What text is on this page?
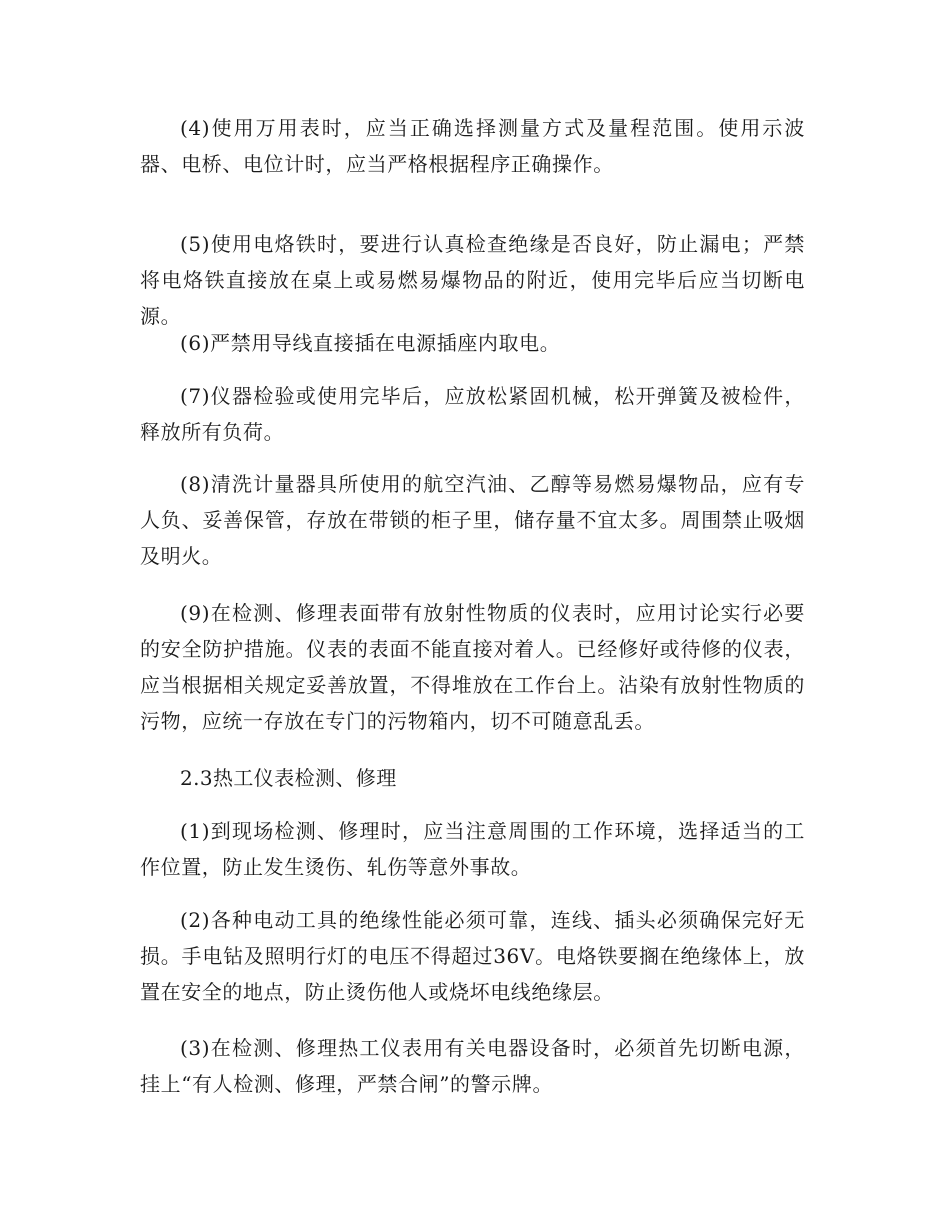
(4)使用万用表时，应当正确选择测量方式及量程范围。使用示波器、电桥、电位计时，应当严格根据程序正确操作。

(5)使用电烙铁时，要进行认真检查绝缘是否良好，防止漏电；严禁将电烙铁直接放在桌上或易燃易爆物品的附近，使用完毕后应当切断电源。

(6)严禁用导线直接插在电源插座内取电。

(7)仪器检验或使用完毕后，应放松紧固机械，松开弹簧及被检件，释放所有负荷。

(8)清洗计量器具所使用的航空汽油、乙醇等易燃易爆物品，应有专人负、妥善保管，存放在带锁的柜子里，储存量不宜太多。周围禁止吸烟及明火。

(9)在检测、修理表面带有放射性物质的仪表时，应用讨论实行必要的安全防护措施。仪表的表面不能直接对着人。已经修好或待修的仪表，应当根据相关规定妥善放置，不得堆放在工作台上。沾染有放射性物质的污物，应统一存放在专门的污物箱内，切不可随意乱丢。

2.3热工仪表检测、修理

(1)到现场检测、修理时，应当注意周围的工作环境，选择适当的工作位置，防止发生烫伤、轧伤等意外事故。

(2)各种电动工具的绝缘性能必须可靠，连线、插头必须确保完好无损。手电钻及照明行灯的电压不得超过36V。电烙铁要搁在绝缘体上，放置在安全的地点，防止烫伤他人或烧坏电线绝缘层。

(3)在检测、修理热工仪表用有关电器设备时，必须首先切断电源，挂上“有人检测、修理，严禁合闸”的警示牌。
